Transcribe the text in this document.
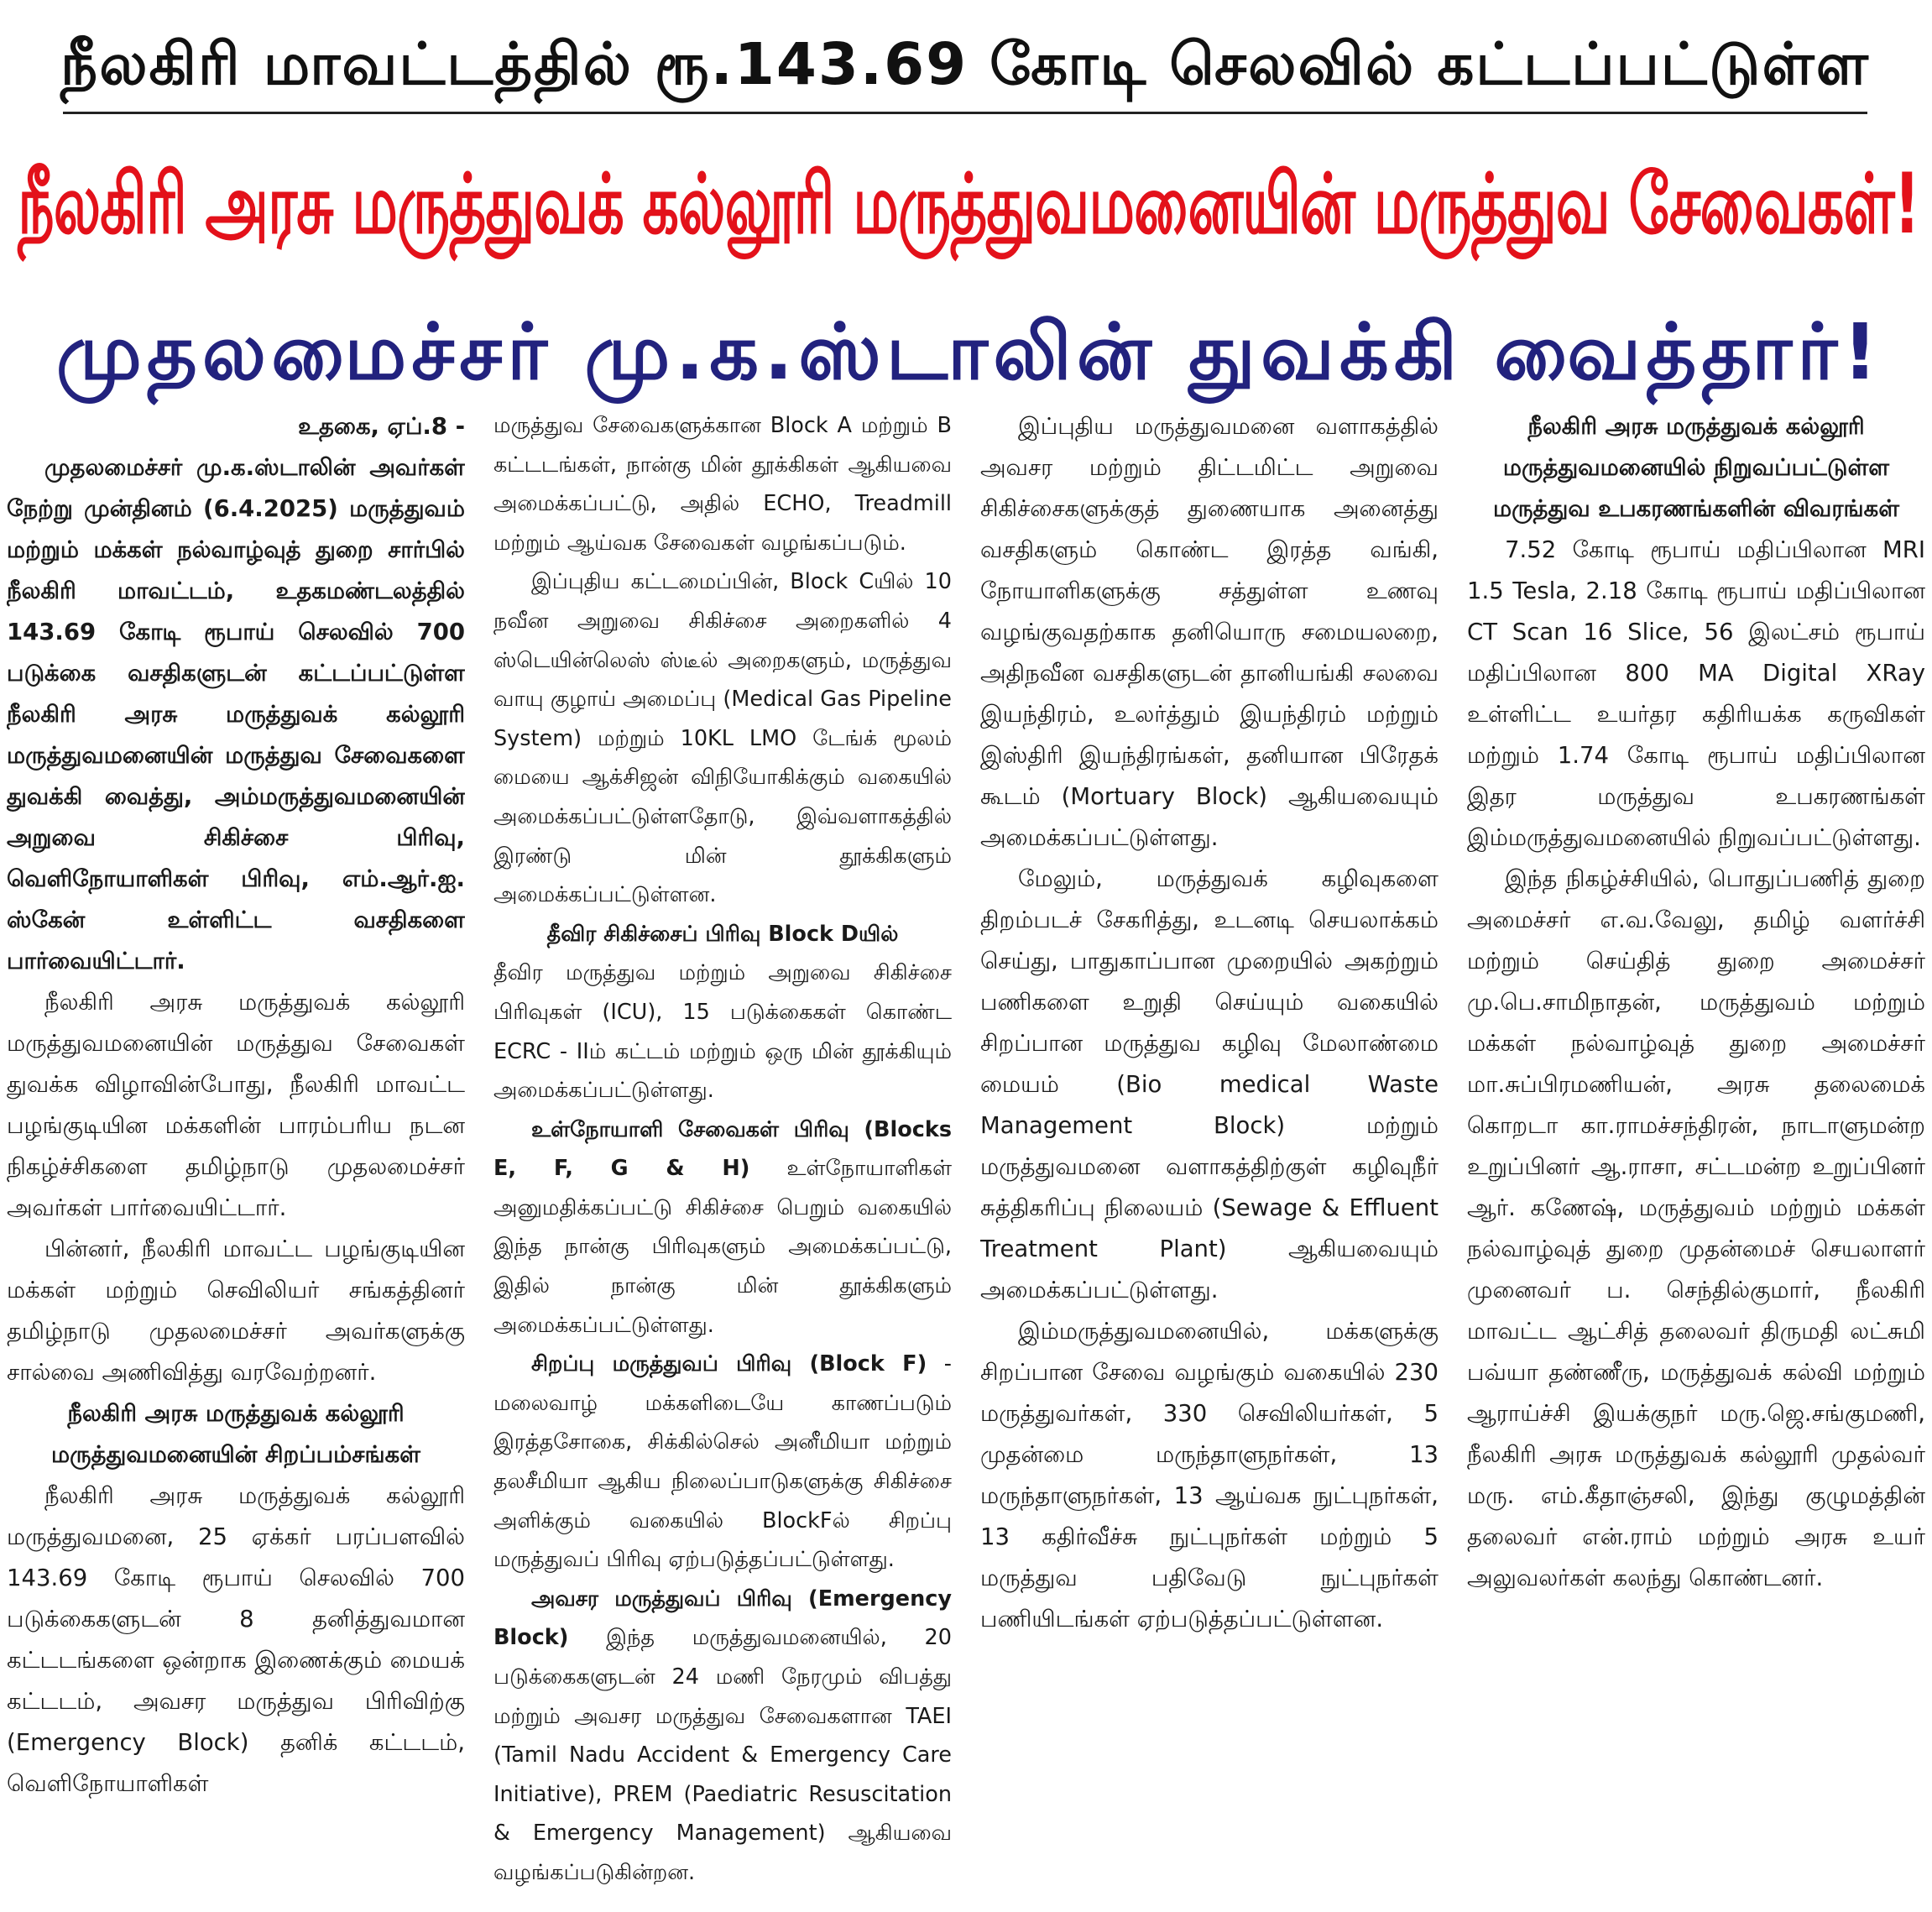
நீலகிரி மாவட்டத்தில் ரூ.143.69 கோடி செலவில் கட்டப்பட்டுள்ள
நீலகிரி அரசு மருத்துவக் கல்லூரி மருத்துவமனையின் மருத்துவ சேவைகள்!
முதலமைச்சர் மு.க.ஸ்டாலின் துவக்கி வைத்தார்!

உதகை, ஏப்.8 -

முதலமைச்சர் மு.க.ஸ்டாலின் அவர்கள் நேற்று முன்தினம் (6.4.2025) மருத்துவம் மற்றும் மக்கள் நல்வாழ்வுத் துறை சார்பில் நீலகிரி மாவட்டம், உதகமண்டலத்தில் 143.69 கோடி ரூபாய் செலவில் 700 படுக்கை வசதிகளுடன் கட்டப்பட்டுள்ள நீலகிரி அரசு மருத்துவக் கல்லூரி மருத்துவமனையின் மருத்துவ சேவைகளை துவக்கி வைத்து, அம்மருத்துவமனையின் அறுவை சிகிச்சை பிரிவு, வெளிநோயாளிகள் பிரிவு, எம்.ஆர்.ஐ. ஸ்கேன் உள்ளிட்ட வசதிகளை பார்வையிட்டார்.

நீலகிரி அரசு மருத்துவக் கல்லூரி மருத்துவமனையின் மருத்துவ சேவைகள் துவக்க விழாவின்போது, நீலகிரி மாவட்ட பழங்குடியின மக்களின் பாரம்பரிய நடன நிகழ்ச்சிகளை தமிழ்நாடு முதலமைச்சர் அவர்கள் பார்வையிட்டார்.

பின்னர், நீலகிரி மாவட்ட பழங்குடியின மக்கள் மற்றும் செவிலியர் சங்கத்தினர் தமிழ்நாடு முதலமைச்சர் அவர்களுக்கு சால்வை அணிவித்து வரவேற்றனர்.

நீலகிரி அரசு மருத்துவக் கல்லூரி

மருத்துவமனையின் சிறப்பம்சங்கள்

நீலகிரி அரசு மருத்துவக் கல்லூரி மருத்துவமனை, 25 ஏக்கர் பரப்பளவில் 143.69 கோடி ரூபாய் செலவில் 700 படுக்கைகளுடன் 8 தனித்துவமான கட்டடங்களை ஒன்றாக இணைக்கும் மையக் கட்டடம், அவசர மருத்துவ பிரிவிற்கு (Emergency Block) தனிக் கட்டடம், வெளிநோயாளிகள்

மருத்துவ சேவைகளுக்கான Block A மற்றும் B கட்டடங்கள், நான்கு மின் தூக்கிகள் ஆகியவை அமைக்கப்பட்டு, அதில் ECHO, Treadmill மற்றும் ஆய்வக சேவைகள் வழங்கப்படும்.

இப்புதிய கட்டமைப்பின், Block Cயில் 10 நவீன அறுவை சிகிச்சை அறைகளில் 4 ஸ்டெயின்லெஸ் ஸ்டீல் அறைகளும், மருத்துவ வாயு குழாய் அமைப்பு (Medical Gas Pipeline System) மற்றும் 10KL LMO டேங்க் மூலம் மையை ஆக்சிஜன் விநியோகிக்கும் வகையில் அமைக்கப்பட்டுள்ளதோடு, இவ்வளாகத்தில் இரண்டு மின் தூக்கிகளும் அமைக்கப்பட்டுள்ளன.

தீவிர சிகிச்சைப் பிரிவு Block Dயில்

தீவிர மருத்துவ மற்றும் அறுவை சிகிச்சை பிரிவுகள் (ICU), 15 படுக்கைகள் கொண்ட ECRC - IIம் கட்டம் மற்றும் ஒரு மின் தூக்கியும் அமைக்கப்பட்டுள்ளது.

உள்நோயாளி சேவைகள் பிரிவு (Blocks E, F, G & H) உள்நோயாளிகள் அனுமதிக்கப்பட்டு சிகிச்சை பெறும் வகையில் இந்த நான்கு பிரிவுகளும் அமைக்கப்பட்டு, இதில் நான்கு மின் தூக்கிகளும் அமைக்கப்பட்டுள்ளது.

சிறப்பு மருத்துவப் பிரிவு (Block F) - மலைவாழ் மக்களிடையே காணப்படும் இரத்தசோகை, சிக்கில்செல் அனீமியா மற்றும் தலசீமியா ஆகிய நிலைப்பாடுகளுக்கு சிகிச்சை அளிக்கும் வகையில் BlockFல் சிறப்பு மருத்துவப் பிரிவு ஏற்படுத்தப்பட்டுள்ளது.

அவசர மருத்துவப் பிரிவு (Emergency Block) இந்த மருத்துவமனையில், 20 படுக்கைகளுடன் 24 மணி நேரமும் விபத்து மற்றும் அவசர மருத்துவ சேவைகளான TAEI (Tamil Nadu Accident & Emergency Care Initiative), PREM (Paediatric Resuscitation & Emergency Management) ஆகியவை வழங்கப்படுகின்றன.

இப்புதிய மருத்துவமனை வளாகத்தில் அவசர மற்றும் திட்டமிட்ட அறுவை சிகிச்சைகளுக்குத் துணையாக அனைத்து வசதிகளும் கொண்ட இரத்த வங்கி, நோயாளிகளுக்கு சத்துள்ள உணவு வழங்குவதற்காக தனியொரு சமையலறை, அதிநவீன வசதிகளுடன் தானியங்கி சலவை இயந்திரம், உலர்த்தும் இயந்திரம் மற்றும் இஸ்திரி இயந்திரங்கள், தனியான பிரேதக் கூடம் (Mortuary Block) ஆகியவையும் அமைக்கப்பட்டுள்ளது.

மேலும், மருத்துவக் கழிவுகளை திறம்படச் சேகரித்து, உடனடி செயலாக்கம் செய்து, பாதுகாப்பான முறையில் அகற்றும் பணிகளை உறுதி செய்யும் வகையில் சிறப்பான மருத்துவ கழிவு மேலாண்மை மையம் (Bio medical Waste Management Block) மற்றும் மருத்துவமனை வளாகத்திற்குள் கழிவுநீர் சுத்திகரிப்பு நிலையம் (Sewage & Effluent Treatment Plant) ஆகியவையும் அமைக்கப்பட்டுள்ளது.

இம்மருத்துவமனையில், மக்களுக்கு சிறப்பான சேவை வழங்கும் வகையில் 230 மருத்துவர்கள், 330 செவிலியர்கள், 5 முதன்மை மருந்தாளுநர்கள், 13 மருந்தாளுநர்கள், 13 ஆய்வக நுட்புநர்கள், 13 கதிர்வீச்சு நுட்புநர்கள் மற்றும் 5 மருத்துவ பதிவேடு நுட்புநர்கள் பணியிடங்கள் ஏற்படுத்தப்பட்டுள்ளன.

நீலகிரி அரசு மருத்துவக் கல்லூரி

மருத்துவமனையில் நிறுவப்பட்டுள்ள

மருத்துவ உபகரணங்களின் விவரங்கள்

7.52 கோடி ரூபாய் மதிப்பிலான MRI 1.5 Tesla, 2.18 கோடி ரூபாய் மதிப்பிலான CT Scan 16 Slice, 56 இலட்சம் ரூபாய் மதிப்பிலான 800 MA Digital XRay உள்ளிட்ட உயர்தர கதிரியக்க கருவிகள் மற்றும் 1.74 கோடி ரூபாய் மதிப்பிலான இதர மருத்துவ உபகரணங்கள் இம்மருத்துவமனையில் நிறுவப்பட்டுள்ளது.

இந்த நிகழ்ச்சியில், பொதுப்பணித் துறை அமைச்சர் எ.வ.வேலு, தமிழ் வளர்ச்சி மற்றும் செய்தித் துறை அமைச்சர் மு.பெ.சாமிநாதன், மருத்துவம் மற்றும் மக்கள் நல்வாழ்வுத் துறை அமைச்சர் மா.சுப்பிரமணியன், அரசு தலைமைக் கொறடா கா.ராமச்சந்திரன், நாடாளுமன்ற உறுப்பினர் ஆ.ராசா, சட்டமன்ற உறுப்பினர் ஆர். கணேஷ், மருத்துவம் மற்றும் மக்கள் நல்வாழ்வுத் துறை முதன்மைச் செயலாளர் முனைவர் ப. செந்தில்குமார், நீலகிரி மாவட்ட ஆட்சித் தலைவர் திருமதி லட்சுமி பவ்யா தண்ணீரு, மருத்துவக் கல்வி மற்றும் ஆராய்ச்சி இயக்குநர் மரு.ஜெ.சங்குமணி, நீலகிரி அரசு மருத்துவக் கல்லூரி முதல்வர் மரு. எம்.கீதாஞ்சலி, இந்து குழுமத்தின் தலைவர் என்.ராம் மற்றும் அரசு உயர் அலுவலர்கள் கலந்து கொண்டனர்.
